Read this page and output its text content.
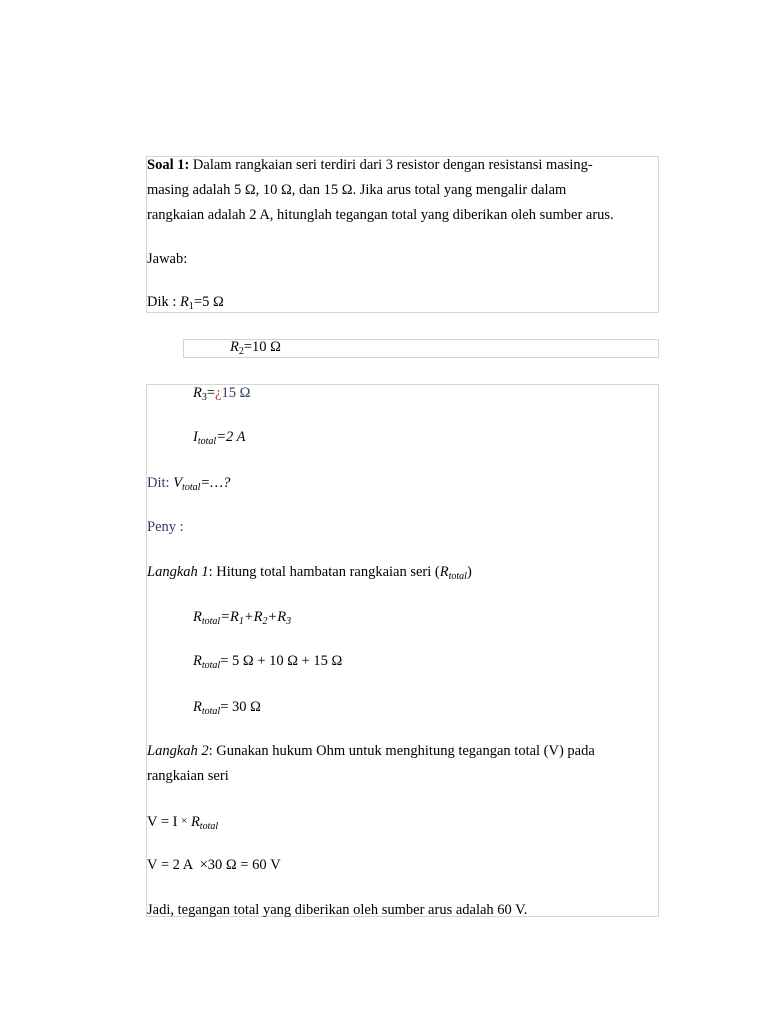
Soal 1: Dalam rangkaian seri terdiri dari 3 resistor dengan resistansi masing-
masing adalah 5 Ω, 10 Ω, dan 15 Ω. Jika arus total yang mengalir dalam
rangkaian adalah 2 A, hitunglah tegangan total yang diberikan oleh sumber arus.
Jawab:
Dik : $R_1=5$ Ω
$R_2=10$ Ω
$R_3=¿15$ Ω
$I_{total}=2$ A
Dit: $V_{total}=\dots$?
Peny :
Langkah 1: Hitung total hambatan rangkaian seri $(R_{total})$
$R_{total}=R_1+R_2+R_3$
$R_{total}= 5$ Ω + 10 Ω + 15 Ω
$R_{total}= 30$ Ω
Langkah 2: Gunakan hukum Ohm untuk menghitung tegangan total (V) pada
rangkaian seri
$V = I \times R_{total}$
V = 2 A  ×30 Ω = 60 V
Jadi, tegangan total yang diberikan oleh sumber arus adalah 60 V.
